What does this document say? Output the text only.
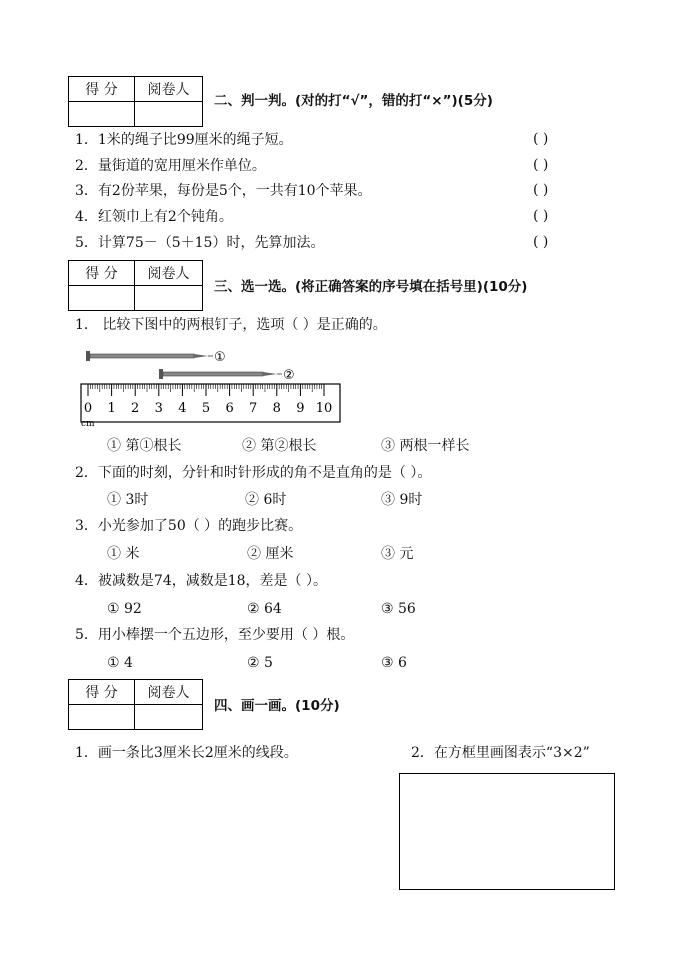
得 分	阅卷人

二、判一判。(对的打“√”，错的打“×”)(5分)
1．1米的绳子比99厘米的绳子短。	( )
2．量街道的宽用厘米作单位。	( )
3．有2份苹果，每份是5个，一共有10个苹果。	( )
4．红领巾上有2个钝角。	( )
5．计算75－（5＋15）时，先算加法。	( )
得 分	阅卷人

三、选一选。(将正确答案的序号填在括号里)(10分)
1． 比较下图中的两根钉子，选项（ ）是正确的。
①
②
0 1 2 3 4 5 6 7 8 9 10
cm
① 第①根长	② 第②根长	③ 两根一样长
2．下面的时刻，分针和时针形成的角不是直角的是（ ）。
① 3时	② 6时	③ 9时
3．小光参加了50（ ）的跑步比赛。
① 米	② 厘米	③ 元
4．被减数是74，减数是18，差是（ ）。
① 92	② 64	③ 56
5．用小棒摆一个五边形，至少要用（ ）根。
① 4	② 5	③ 6
得 分	阅卷人

四、画一画。(10分)
1．画一条比3厘米长2厘米的线段。	2．在方框里画图表示“3×2”
